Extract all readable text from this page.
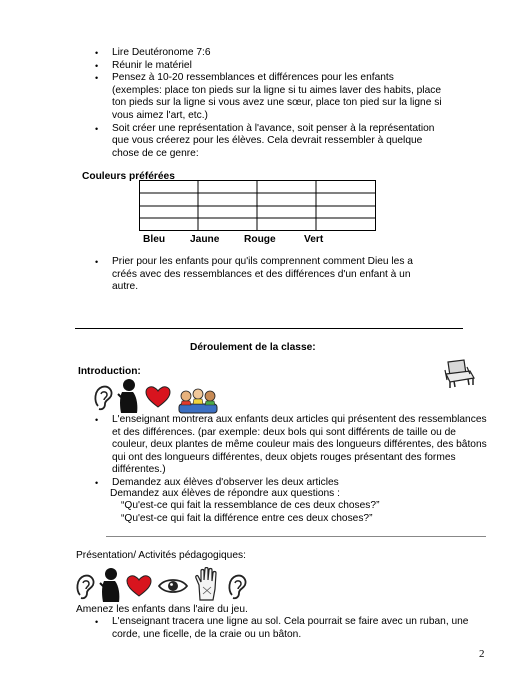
• Lire Deutéronome 7:6
• Réunir le matériel
• Pensez à 10-20 ressemblances et différences pour les enfants (exemples: place ton pieds sur la ligne si tu aimes laver des habits, place ton pieds sur la ligne si vous avez une sœur, place ton pied sur la ligne si vous aimez l'art, etc.)
• Soit créer une représentation à l'avance, soit penser à la représentation que vous créerez pour les élèves. Cela devrait ressembler à quelque chose de ce genre:
Couleurs préférées
Bleu Jaune Rouge	Vert
• Prier pour les enfants pour qu'ils comprennent comment Dieu les a créés avec des ressemblances et des différences d'un enfant à un autre.
Déroulement de la classe:
Introduction:
• L'enseignant montrera aux enfants deux articles qui présentent des ressemblances et des différences. (par exemple: deux bols qui sont différents de taille ou de couleur, deux plantes de même couleur mais des longueurs différentes, des bâtons qui ont des longueurs différentes, deux objets rouges présentant des formes différentes.)
• Demandez aux élèves d'observer les deux articles
Demandez aux élèves de répondre aux questions :
“Qu'est-ce qui fait la ressemblance de ces deux choses?”
“Qu'est-ce qui fait la différence entre ces deux choses?”
Présentation/ Activités pédagogiques:
Amenez les enfants dans l'aire du jeu.
• L'enseignant tracera une ligne au sol. Cela pourrait se faire avec un ruban, une corde, une ficelle, de la craie ou un bâton.
2
